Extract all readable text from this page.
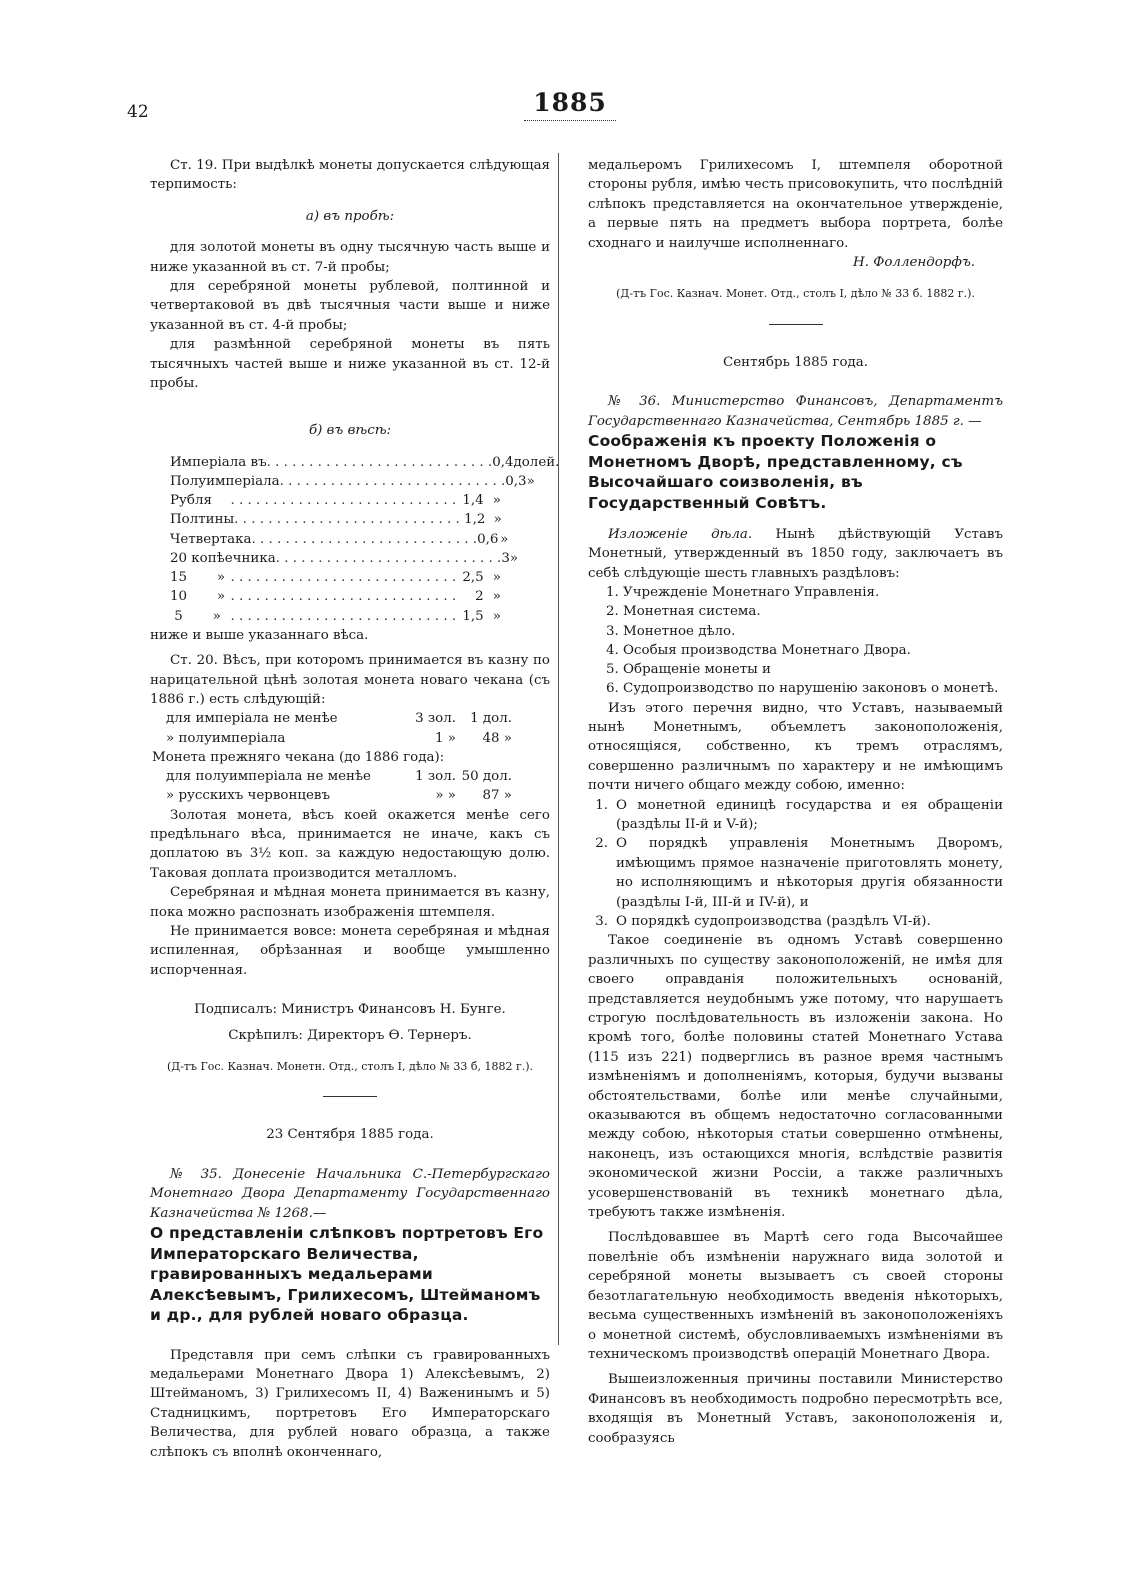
42	1885

Ст. 19. При выдѣлкѣ монеты допускается слѣдующая терпимость:

а) въ пробѣ:

для золотой монеты въ одну тысячную часть выше и ниже указанной въ ст. 7-й пробы;

для серебряной монеты рублевой, полтинной и четвертаковой въ двѣ тысячныя части выше и ниже указанной въ ст. 4-й пробы;

для размѣнной серебряной монеты въ пять тысячныхъ частей выше и ниже указанной въ ст. 12-й пробы.

б) въ вѣсѣ:

Имперіала въ . . . . . . . . . . . . . . . . . . . . . . . . . . . 0,4 долей.
Полуимперіала . . . . . . . . . . . . . . . . . . . . . . . . . . . 0,3 »
Рубля	. . . . . . . . . . . . . . . . . . . . . . . . . . . 1,4 »
Полтины . . . . . . . . . . . . . . . . . . . . . . . . . . . 1,2 »
Четвертака . . . . . . . . . . . . . . . . . . . . . . . . . . . 0,6 »
20 копѣечника . . . . . . . . . . . . . . . . . . . . . . . . . . . 3 »
15       » . . . . . . . . . . . . . . . . . . . . . . . . . . . 2,5 »
10       » . . . . . . . . . . . . . . . . . . . . . . . . . . .	2 »
5       » . . . . . . . . . . . . . . . . . . . . . . . . . . . 1,5 »

ниже и выше указаннаго вѣса.

Ст. 20. Вѣсъ, при которомъ принимается въ казну по нарицательной цѣнѣ золотая монета новаго чекана (съ 1886 г.) есть слѣдующій:

для имперіала не менѣе	3 зол.	1 дол.
» полуимперіала	1 »	48 »

Монета прежняго чекана (до 1886 года):

для полуимперіала не менѣе	1 зол. 50 дол.
» русскихъ червонцевъ	» »	87 »

Золотая монета, вѣсъ коей окажется менѣе сего предѣльнаго вѣса, принимается не иначе, какъ съ доплатою въ 3½ коп. за каждую недостающую долю. Таковая доплата производится металломъ.

Серебряная и мѣдная монета принимается въ казну, пока можно распознать изображенія штемпеля.

Не принимается вовсе: монета серебряная и мѣдная испиленная, обрѣзанная и вообще умышленно испорченная.

Подписалъ: Министръ Финансовъ Н. Бунге.

Скрѣпилъ: Директоръ Ѳ. Тернеръ.

(Д-тъ Гос. Казнач. Монетн. Отд., столъ I, дѣло № 33 б, 1882 г.).

23 Сентября 1885 года.

№ 35. Донесеніе Начальника С.-Петербургскаго Монетнаго Двора Департаменту Государственнаго Казначейства № 1268.—

О представленіи слѣпковъ портретовъ Его Императорскаго Величества, гравированныхъ медальерами Алексѣевымъ, Грилихесомъ, Штейманомъ и др., для рублей новаго образца.

Представля при семъ слѣпки съ гравированныхъ медальерами Монетнаго Двора 1) Алексѣевымъ, 2) Штейманомъ, 3) Грилихесомъ II, 4) Важенинымъ и 5) Стадницкимъ, портретовъ Его Императорскаго Величества, для рублей новаго образца, а также слѣпокъ съ вполнѣ оконченнаго,

медальеромъ Грилихесомъ I, штемпеля оборотной стороны рубля, имѣю честь присовокупить, что послѣдній слѣпокъ представляется на окончательное утвержденіе, а первые пять на предметъ выбора портрета, болѣе сходнаго и наилучше исполненнаго.

Н. Фоллендорфъ.

(Д-тъ Гос. Казнач. Монет. Отд., столъ I, дѣло № 33 б. 1882 г.).

Сентябрь 1885 года.

№ 36. Министерство Финансовъ, Департаментъ Государственнаго Казначейства, Сентябрь 1885 г. —

Соображенія къ проекту Положенія о Монетномъ Дворѣ, представленному, съ Высочайшаго соизволенія, въ Государственный Совѣтъ.

Изложеніе дѣла. Нынѣ дѣйствующій Уставъ Монетный, утвержденный въ 1850 году, заключаетъ въ себѣ слѣдующіе шесть главныхъ раздѣловъ:

1. Учрежденіе Монетнаго Управленія.
2. Монетная система.
3. Монетное дѣло.
4. Особыя производства Монетнаго Двора.
5. Обращеніе монеты и
6. Судопроизводство по нарушенію законовъ о монетѣ.

Изъ этого перечня видно, что Уставъ, называемый нынѣ Монетнымъ, объемлетъ законоположенія, относящіяся, собственно, къ тремъ отраслямъ, совершенно различнымъ по характеру и не имѣющимъ почти ничего общаго между собою, именно:

1. О монетной единицѣ государства и ея обращеніи (раздѣлы II-й и V-й);
2. О порядкѣ управленія Монетнымъ Дворомъ, имѣющимъ прямое назначеніе приготовлять монету, но исполняющимъ и нѣкоторыя другія обязанности (раздѣлы I-й, III-й и IV-й), и
3. О порядкѣ судопроизводства (раздѣлъ VI-й).

Такое соединеніе въ одномъ Уставѣ совершенно различныхъ по существу законоположеній, не имѣя для своего оправданія положительныхъ основаній, представляется неудобнымъ уже потому, что нарушаетъ строгую послѣдовательность въ изложеніи закона. Но кромѣ того, болѣе половины статей Монетнаго Устава (115 изъ 221) подверглись въ разное время частнымъ измѣненіямъ и дополненіямъ, которыя, будучи вызваны обстоятельствами, болѣе или менѣе случайными, оказываются въ общемъ недостаточно согласованными между собою, нѣкоторыя статьи совершенно отмѣнены, наконецъ, изъ остающихся многія, вслѣдствіе развитія экономической жизни Россіи, а также различныхъ усовершенствованій въ техникѣ монетнаго дѣла, требуютъ также измѣненія.

Послѣдовавшее въ Мартѣ сего года Высочайшее повелѣніе объ измѣненіи наружнаго вида золотой и серебряной монеты вызываетъ съ своей стороны безотлагательную необходимость введенія нѣкоторыхъ, весьма существенныхъ измѣненій въ законоположеніяхъ о монетной системѣ, обусловливаемыхъ измѣненіями въ техническомъ производствѣ операцій Монетнаго Двора.

Вышеизложенныя причины поставили Министерство Финансовъ въ необходимость подробно пересмотрѣть все, входящія въ Монетный Уставъ, законоположенія и, сообразуясь
